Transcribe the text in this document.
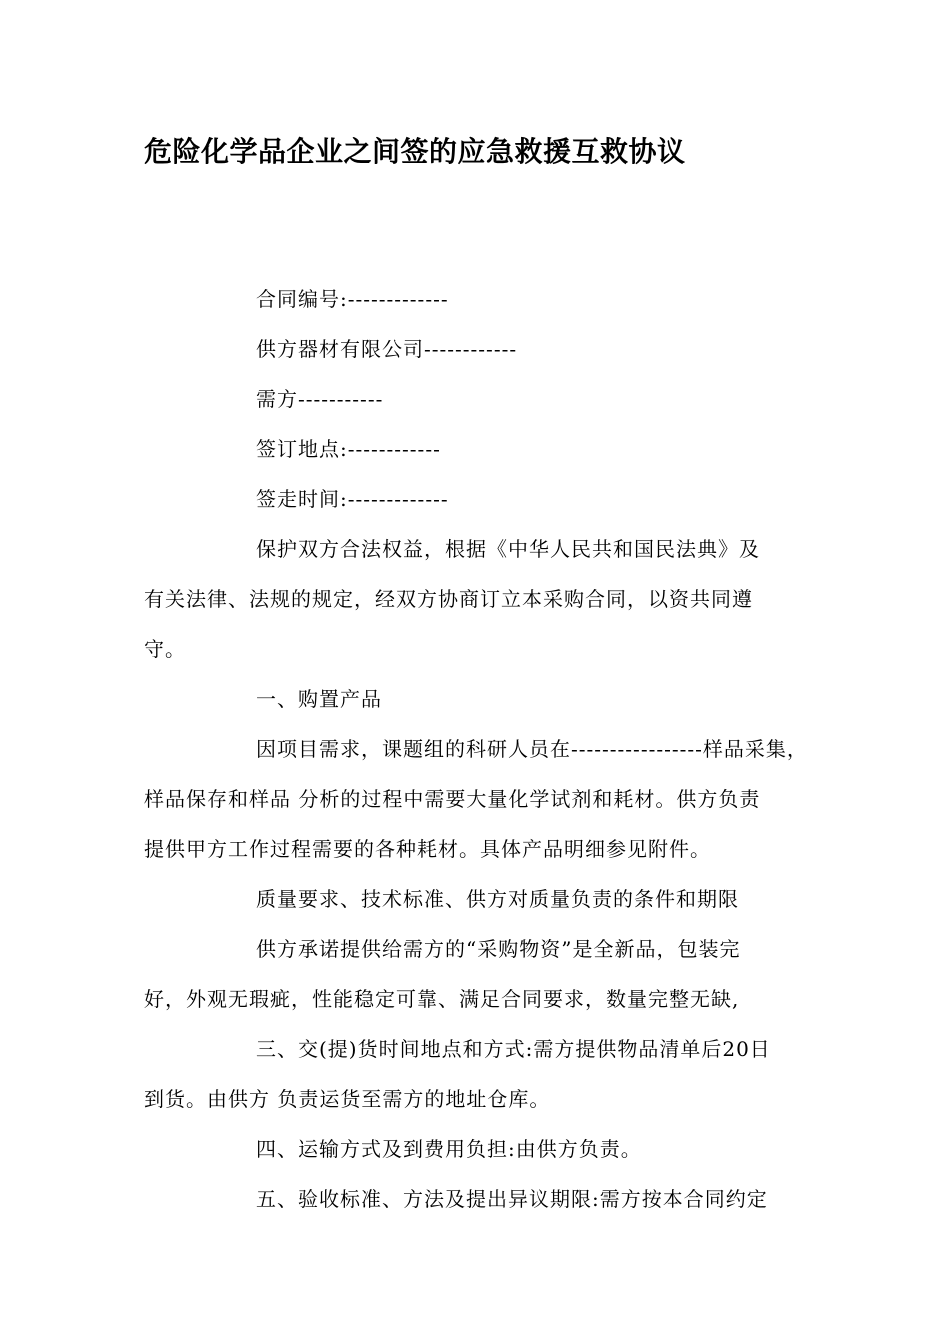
危险化学品企业之间签的应急救援互救协议
合同编号:-------------
供方器材有限公司------------
需方-----------
签订地点:------------
签走时间:-------------
保护双方合法权益，根据《中华人民共和国民法典》及
有关法律、法规的规定，经双方协商订立本采购合同，以资共同遵
守。
一、购置产品
因项目需求，课题组的科研人员在-----------------样品采集，
样品保存和样品 分析的过程中需要大量化学试剂和耗材。供方负责
提供甲方工作过程需要的各种耗材。具体产品明细参见附件。
质量要求、技术标准、供方对质量负责的条件和期限
供方承诺提供给需方的“采购物资”是全新品，包装完
好，外观无瑕疵，性能稳定可靠、满足合同要求，数量完整无缺,
三、交(提)货时间地点和方式:需方提供物品清单后20日
到货。由供方 负责运货至需方的地址仓库。
四、运输方式及到费用负担:由供方负责。
五、验收标准、方法及提出异议期限:需方按本合同约定
